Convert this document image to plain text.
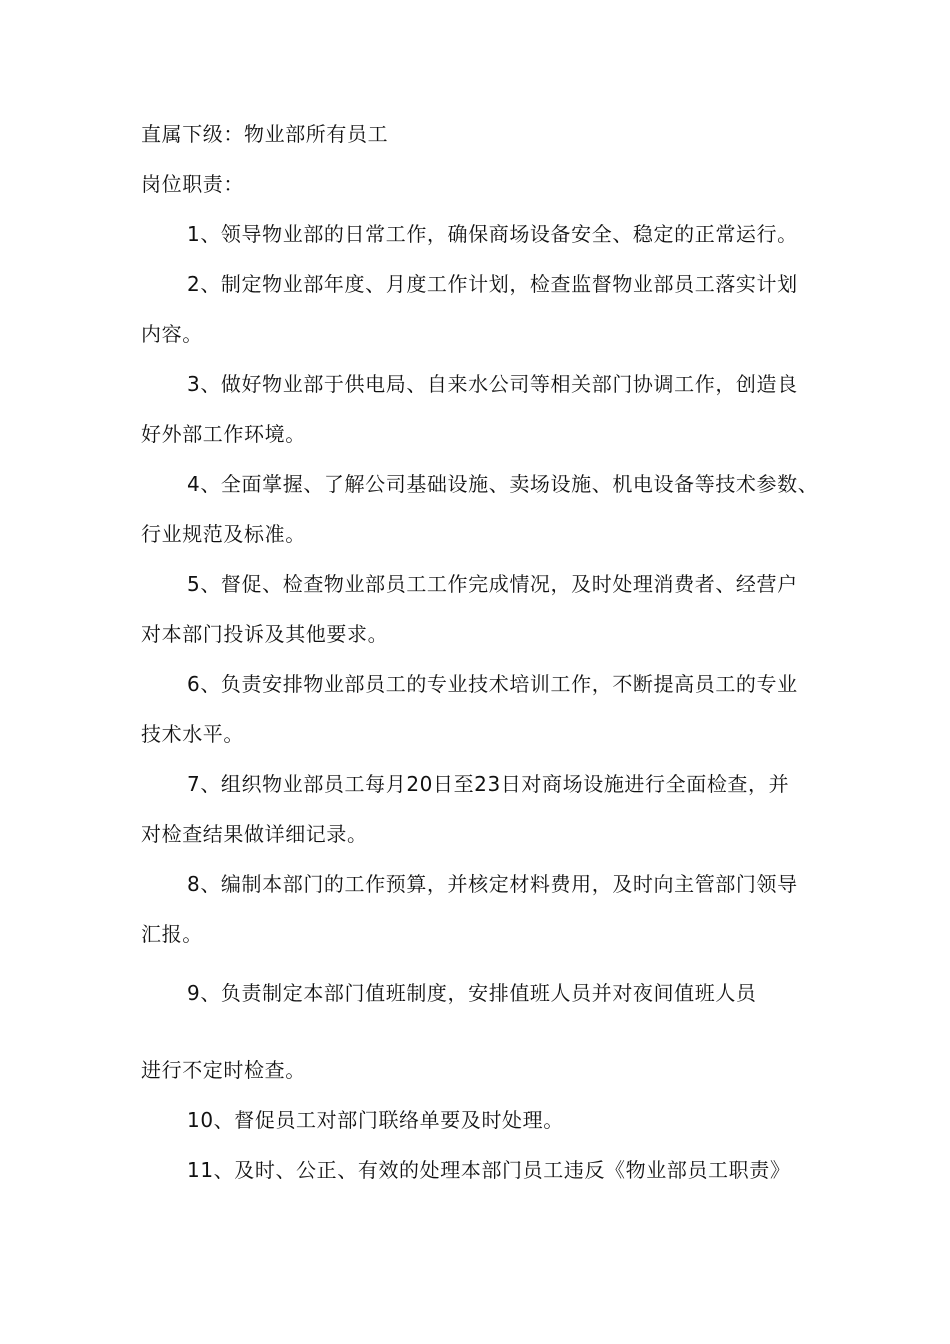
直属下级：物业部所有员工
岗位职责：
1、领导物业部的日常工作，确保商场设备安全、稳定的正常运行。
2、制定物业部年度、月度工作计划，检查监督物业部员工落实计划
内容。
3、做好物业部于供电局、自来水公司等相关部门协调工作，创造良
好外部工作环境。
4、全面掌握、了解公司基础设施、卖场设施、机电设备等技术参数、
行业规范及标准。
5、督促、检查物业部员工工作完成情况，及时处理消费者、经营户
对本部门投诉及其他要求。
6、负责安排物业部员工的专业技术培训工作，不断提高员工的专业
技术水平。
7、组织物业部员工每月20日至23日对商场设施进行全面检查，并
对检查结果做详细记录。
8、编制本部门的工作预算，并核定材料费用，及时向主管部门领导
汇报。
9、负责制定本部门值班制度，安排值班人员并对夜间值班人员
进行不定时检查。
10、督促员工对部门联络单要及时处理。
11、及时、公正、有效的处理本部门员工违反《物业部员工职责》
